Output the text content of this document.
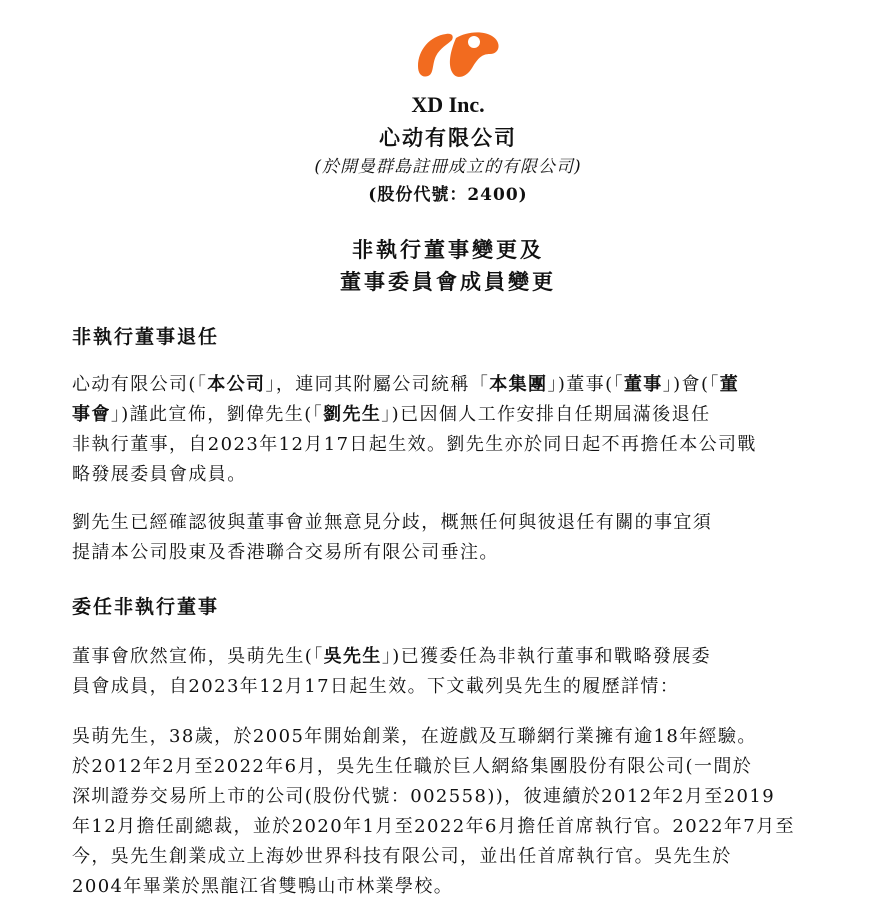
XD Inc.
心动有限公司
(於開曼群島註冊成立的有限公司)
(股份代號：2400)
非執行董事變更及
董事委員會成員變更
非執行董事退任
心动有限公司(「本公司」，連同其附屬公司統稱「本集團」)董事(「董事」)會(「董
事會」)謹此宣佈，劉偉先生(「劉先生」)已因個人工作安排自任期屆滿後退任
非執行董事，自2023年12月17日起生效。劉先生亦於同日起不再擔任本公司戰
略發展委員會成員。
劉先生已經確認彼與董事會並無意見分歧，概無任何與彼退任有關的事宜須
提請本公司股東及香港聯合交易所有限公司垂注。
委任非執行董事
董事會欣然宣佈，吳萌先生(「吳先生」)已獲委任為非執行董事和戰略發展委
員會成員，自2023年12月17日起生效。下文載列吳先生的履歷詳情：
吳萌先生，38歲，於2005年開始創業，在遊戲及互聯網行業擁有逾18年經驗。
於2012年2月至2022年6月，吳先生任職於巨人網絡集團股份有限公司(一間於
深圳證券交易所上市的公司(股份代號：002558))，彼連續於2012年2月至2019
年12月擔任副總裁，並於2020年1月至2022年6月擔任首席執行官。2022年7月至
今，吳先生創業成立上海妙世界科技有限公司，並出任首席執行官。吳先生於
2004年畢業於黑龍江省雙鴨山市林業學校。
